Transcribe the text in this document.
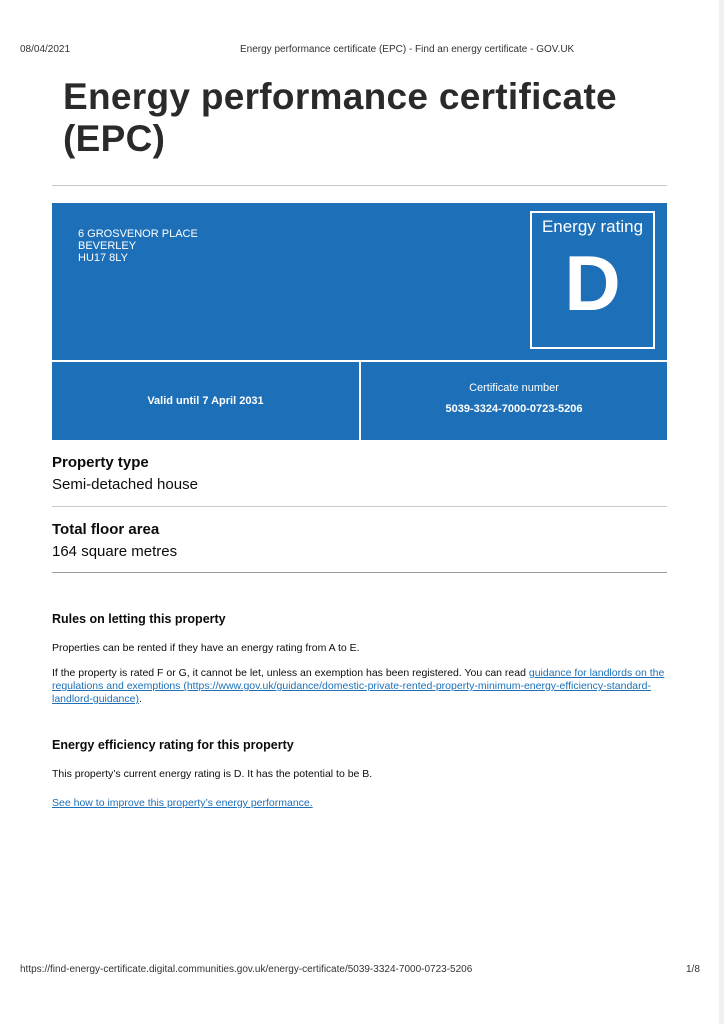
08/04/2021	Energy performance certificate (EPC) - Find an energy certificate - GOV.UK
Energy performance certificate (EPC)
6 GROSVENOR PLACE
BEVERLEY
HU17 8LY
Energy rating
D
Valid until 7 April 2031
Certificate number
5039-3324-7000-0723-5206
Property type
Semi-detached house
Total floor area
164 square metres
Rules on letting this property
Properties can be rented if they have an energy rating from A to E.
If the property is rated F or G, it cannot be let, unless an exemption has been registered. You can read guidance for landlords on the regulations and exemptions (https://www.gov.uk/guidance/domestic-private-rented-property-minimum-energy-efficiency-standard-landlord-guidance).
Energy efficiency rating for this property
This property’s current energy rating is D. It has the potential to be B.
See how to improve this property’s energy performance.
https://find-energy-certificate.digital.communities.gov.uk/energy-certificate/5039-3324-7000-0723-5206	1/8
